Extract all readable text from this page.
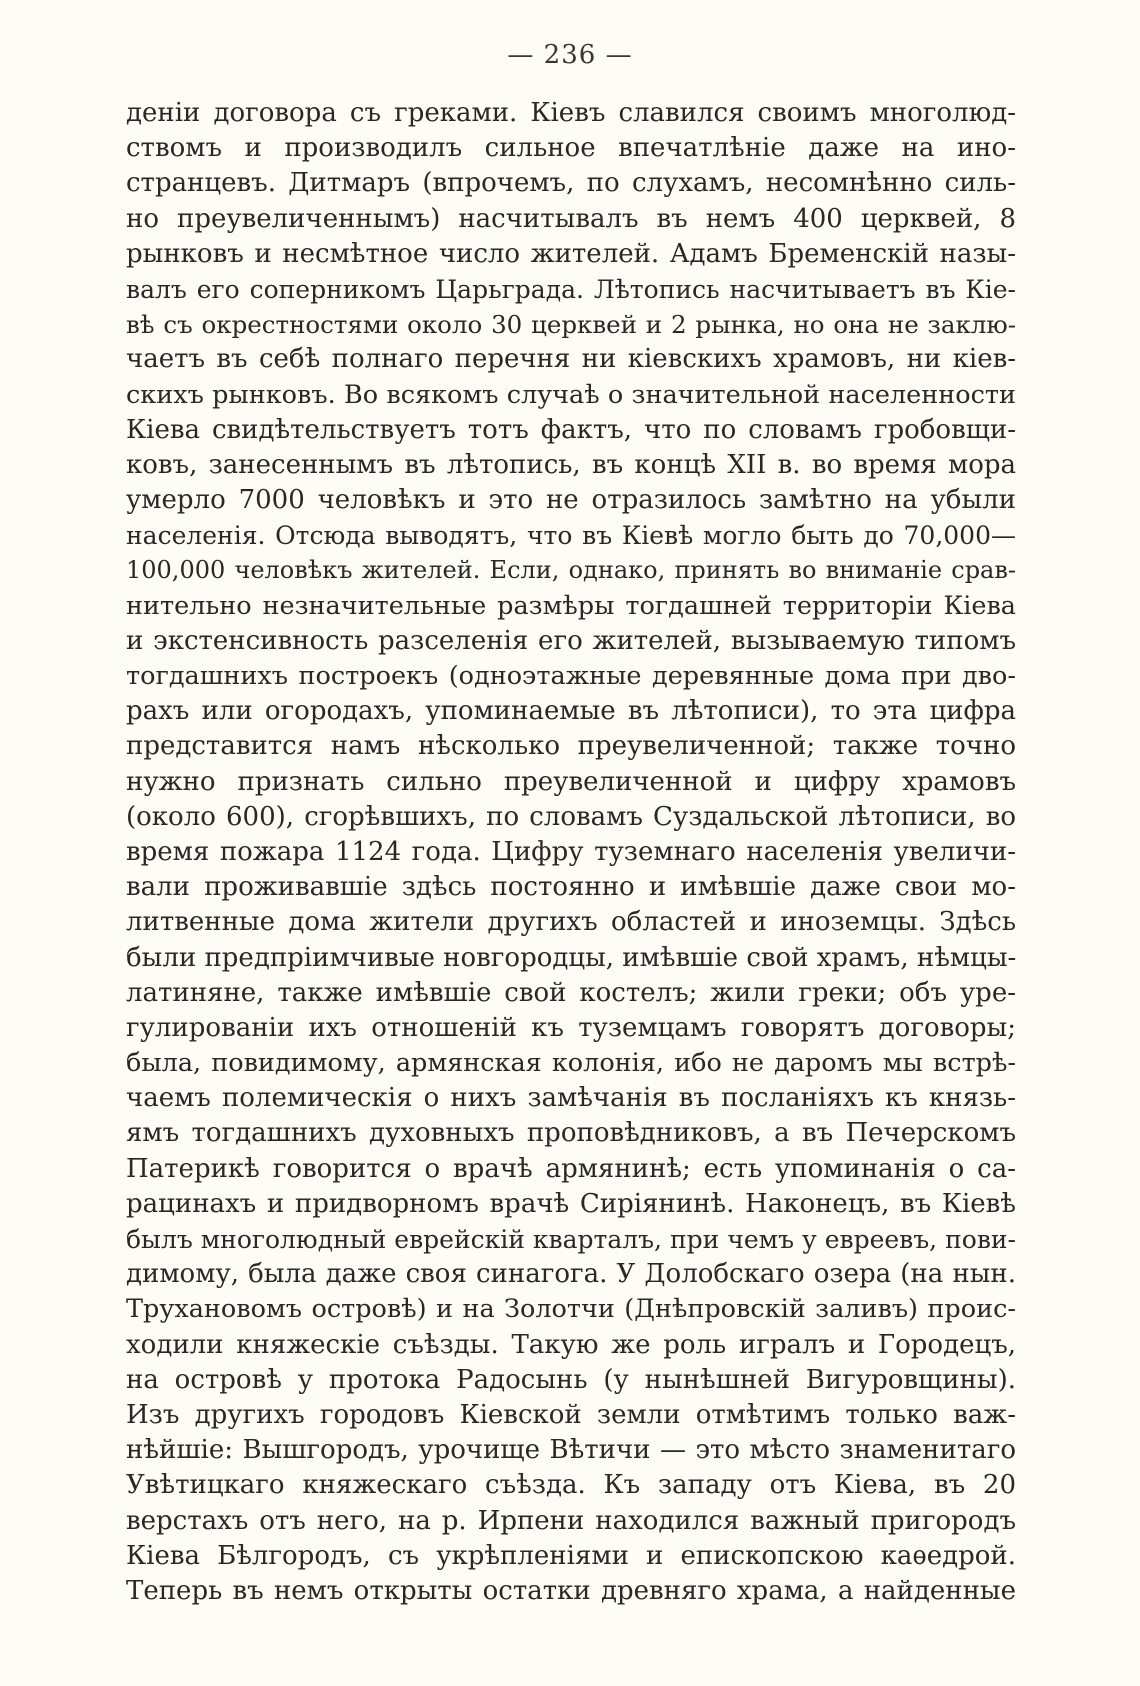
— 236 —
деніи договора съ греками. Кіевъ славился своимъ многолюд-
ствомъ и производилъ сильное впечатлѣніе даже на ино-
странцевъ. Дитмаръ (впрочемъ, по слухамъ, несомнѣнно силь-
но преувеличеннымъ) насчитывалъ въ немъ 400 церквей, 8
рынковъ и несмѣтное число жителей. Адамъ Бременскій назы-
валъ его соперникомъ Царьграда. Лѣтопись насчитываетъ въ Кіе-
вѣ съ окрестностями около 30 церквей и 2 рынка, но она не заклю-
чаетъ въ себѣ полнаго перечня ни кіевскихъ храмовъ, ни кіев-
скихъ рынковъ. Во всякомъ случаѣ о значительной населенности
Кіева свидѣтельствуетъ тотъ фактъ, что по словамъ гробовщи-
ковъ, занесеннымъ въ лѣтопись, въ концѣ XII в. во время мора
умерло 7000 человѣкъ и это не отразилось замѣтно на убыли
населенія. Отсюда выводятъ, что въ Кіевѣ могло быть до 70,000—
100,000 человѣкъ жителей. Если, однако, принять во вниманіе срав-
нительно незначительные размѣры тогдашней территоріи Кіева
и экстенсивность разселенія его жителей, вызываемую типомъ
тогдашнихъ построекъ (одноэтажные деревянные дома при дво-
рахъ или огородахъ, упоминаемые въ лѣтописи), то эта цифра
представится намъ нѣсколько преувеличенной; также точно
нужно признать сильно преувеличенной и цифру храмовъ
(около 600), сгорѣвшихъ, по словамъ Суздальской лѣтописи, во
время пожара 1124 года. Цифру туземнаго населенія увеличи-
вали проживавшіе здѣсь постоянно и имѣвшіе даже свои мо-
литвенные дома жители другихъ областей и иноземцы. Здѣсь
были предпріимчивые новгородцы, имѣвшіе свой храмъ, нѣмцы-
латиняне, также имѣвшіе свой костелъ; жили греки; объ уре-
гулированіи ихъ отношеній къ туземцамъ говорятъ договоры;
была, повидимому, армянская колонія, ибо не даромъ мы встрѣ-
чаемъ полемическія о нихъ замѣчанія въ посланіяхъ къ князь-
ямъ тогдашнихъ духовныхъ проповѣдниковъ, а въ Печерскомъ
Патерикѣ говорится о врачѣ армянинѣ; есть упоминанія о са-
рацинахъ и придворномъ врачѣ Сиріянинѣ. Наконецъ, въ Кіевѣ
былъ многолюдный еврейскій кварталъ, при чемъ у евреевъ, пови-
димому, была даже своя синагога. У Долобскаго озера (на нын.
Трухановомъ островѣ) и на Золотчи (Днѣпровскій заливъ) проис-
ходили княжескіе съѣзды. Такую же роль игралъ и Городецъ,
на островѣ у протока Радосынь (у нынѣшней Вигуровщины).
Изъ другихъ городовъ Кіевской земли отмѣтимъ только важ-
нѣйшіе: Вышгородъ, урочище Вѣтичи — это мѣсто знаменитаго
Увѣтицкаго княжескаго съѣзда. Къ западу отъ Кіева, въ 20
верстахъ отъ него, на р. Ирпени находился важный пригородъ
Кіева Бѣлгородъ, съ укрѣпленіями и епископскою каѳедрой.
Теперь въ немъ открыты остатки древняго храма, а найденные
